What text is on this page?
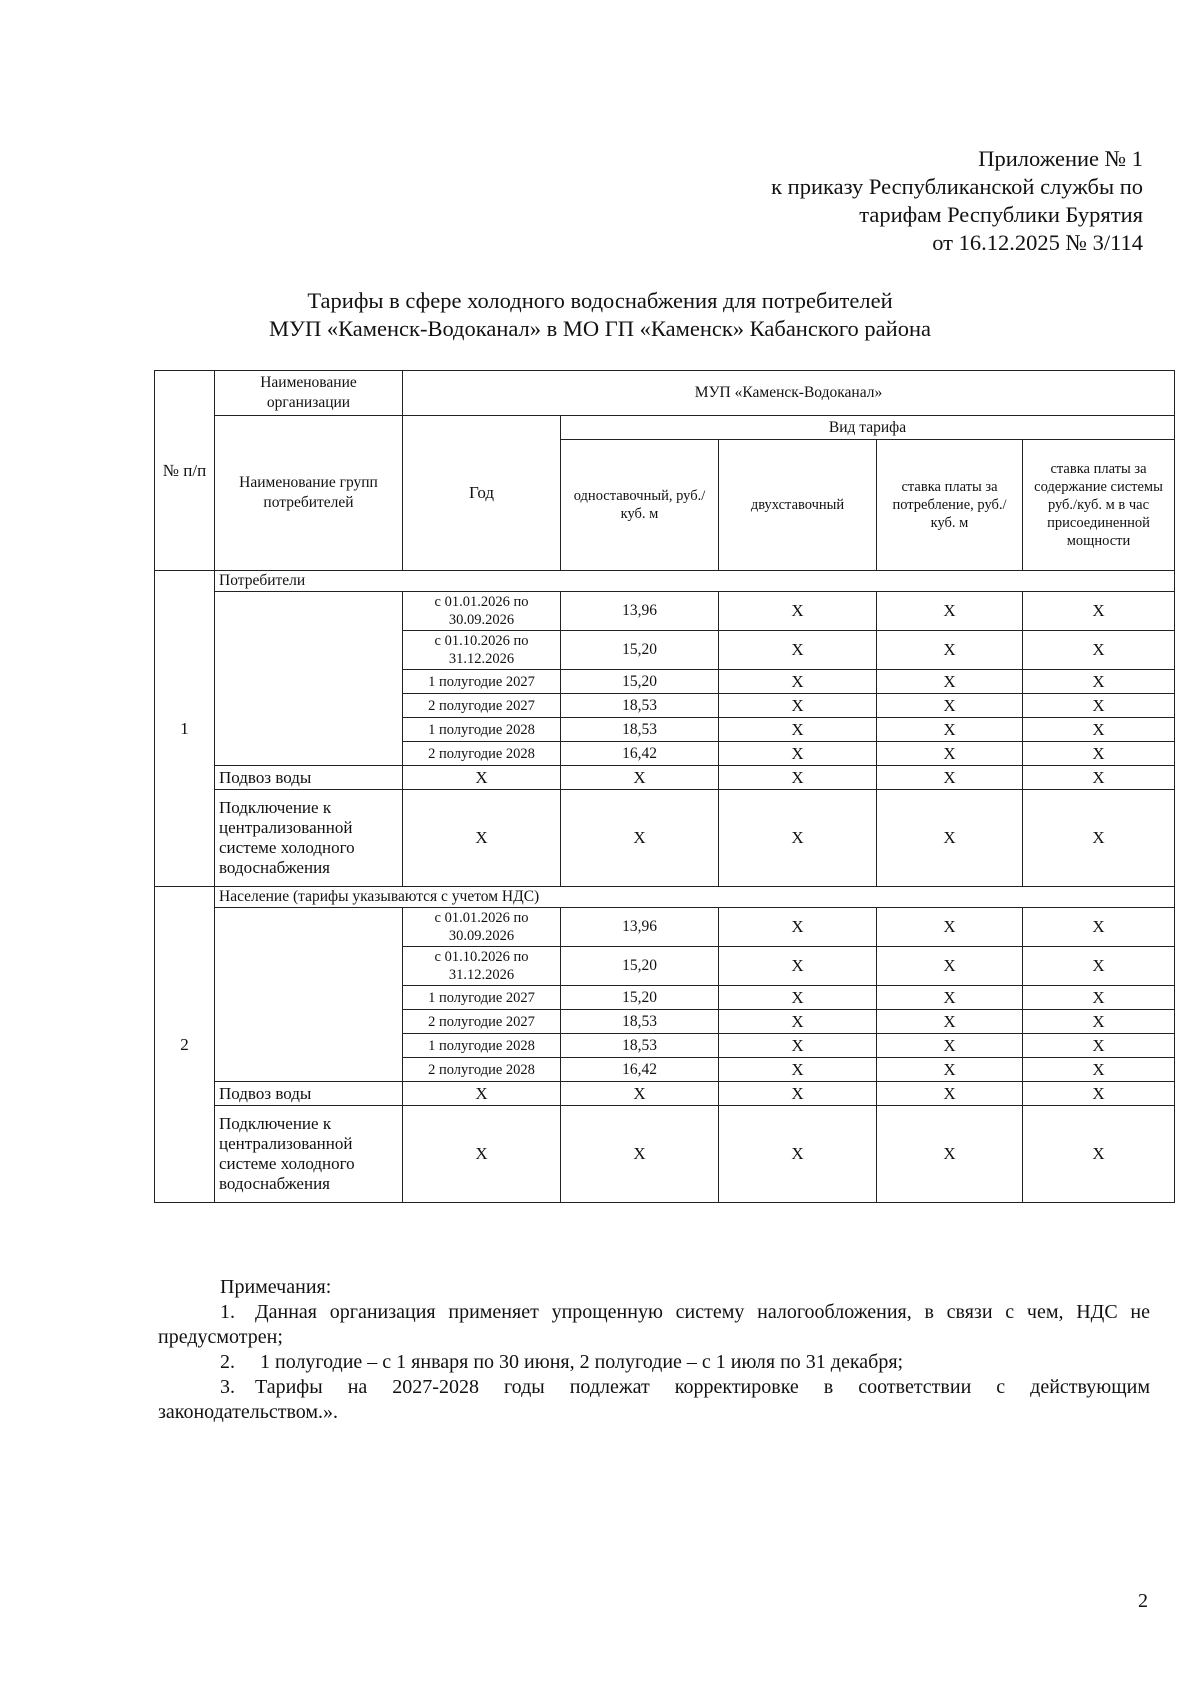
Приложение № 1
к приказу Республиканской службы по
тарифам Республики Бурятия
от 16.12.2025 № 3/114
Тарифы в сфере холодного водоснабжения для потребителей
МУП «Каменск-Водоканал» в МО ГП «Каменск» Кабанского района
№ п/п	Наименование организации	МУП «Каменск-Водоканал»				
	Наименование групп потребителей	Год	Вид тарифа			
			одноставочный, руб./ куб. м	двухставочный	ставка платы за потребление, руб./ куб. м	ставка платы за содержание системы руб./куб. м в час присоединенной мощности
1	Потребители					
		с 01.01.2026 по 30.09.2026	13,96	X	X	X
		с 01.10.2026 по 31.12.2026	15,20	X	X	X
		1 полугодие 2027	15,20	X	X	X
		2 полугодие 2027	18,53	X	X	X
		1 полугодие 2028	18,53	X	X	X
		2 полугодие 2028	16,42	X	X	X
	Подвоз воды	X	X	X	X	X
	Подключение к централизованной системе холодного водоснабжения	X	X	X	X	X
2	Население (тарифы указываются с учетом НДС)					
		с 01.01.2026 по 30.09.2026	13,96	X	X	X
		с 01.10.2026 по 31.12.2026	15,20	X	X	X
		1 полугодие 2027	15,20	X	X	X
		2 полугодие 2027	18,53	X	X	X
		1 полугодие 2028	18,53	X	X	X
		2 полугодие 2028	16,42	X	X	X
	Подвоз воды	X	X	X	X	X
	Подключение к централизованной системе холодного водоснабжения	X	X	X	X	X

Примечания:

1. Данная организация применяет упрощенную систему налогообложения, в связи с чем, НДС не предусмотрен;

2.  1 полугодие – с 1 января по 30 июня, 2 полугодие – с 1 июля по 31 декабря;

3. Тарифы на 2027-2028 годы подлежат корректировке в соответствии с действующим законодательством.».

2
